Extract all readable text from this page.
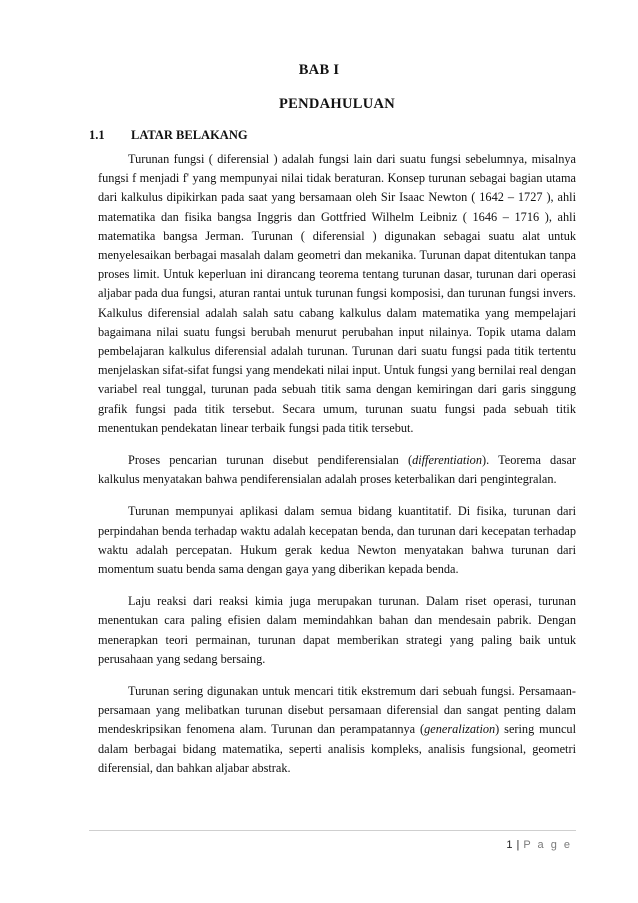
BAB I
PENDAHULUAN
1.1 LATAR BELAKANG

Turunan fungsi ( diferensial ) adalah fungsi lain dari suatu fungsi sebelumnya, misalnya fungsi f menjadi f' yang mempunyai nilai tidak beraturan. Konsep turunan sebagai bagian utama dari kalkulus dipikirkan pada saat yang bersamaan oleh Sir Isaac Newton ( 1642 – 1727 ), ahli matematika dan fisika bangsa Inggris dan Gottfried Wilhelm Leibniz ( 1646 – 1716 ), ahli matematika bangsa Jerman. Turunan ( diferensial ) digunakan sebagai suatu alat untuk menyelesaikan berbagai masalah dalam geometri dan mekanika. Turunan dapat ditentukan tanpa proses limit. Untuk keperluan ini dirancang teorema tentang turunan dasar, turunan dari operasi aljabar pada dua fungsi, aturan rantai untuk turunan fungsi komposisi, dan turunan fungsi invers. Kalkulus diferensial adalah salah satu cabang kalkulus dalam matematika yang mempelajari bagaimana nilai suatu fungsi berubah menurut perubahan input nilainya. Topik utama dalam pembelajaran kalkulus diferensial adalah turunan. Turunan dari suatu fungsi pada titik tertentu menjelaskan sifat-sifat fungsi yang mendekati nilai input. Untuk fungsi yang bernilai real dengan variabel real tunggal, turunan pada sebuah titik sama dengan kemiringan dari garis singgung grafik fungsi pada titik tersebut. Secara umum, turunan suatu fungsi pada sebuah titik menentukan pendekatan linear terbaik fungsi pada titik tersebut.

Proses pencarian turunan disebut pendiferensialan (differentiation). Teorema dasar kalkulus menyatakan bahwa pendiferensialan adalah proses keterbalikan dari pengintegralan.

Turunan mempunyai aplikasi dalam semua bidang kuantitatif. Di fisika, turunan dari perpindahan benda terhadap waktu adalah kecepatan benda, dan turunan dari kecepatan terhadap waktu adalah percepatan. Hukum gerak kedua Newton menyatakan bahwa turunan dari momentum suatu benda sama dengan gaya yang diberikan kepada benda.

Laju reaksi dari reaksi kimia juga merupakan turunan. Dalam riset operasi, turunan menentukan cara paling efisien dalam memindahkan bahan dan mendesain pabrik. Dengan menerapkan teori permainan, turunan dapat memberikan strategi yang paling baik untuk perusahaan yang sedang bersaing.

Turunan sering digunakan untuk mencari titik ekstremum dari sebuah fungsi. Persamaan-persamaan yang melibatkan turunan disebut persamaan diferensial dan sangat penting dalam mendeskripsikan fenomena alam. Turunan dan perampatannya (generalization) sering muncul dalam berbagai bidang matematika, seperti analisis kompleks, analisis fungsional, geometri diferensial, dan bahkan aljabar abstrak.

1 | P a g e
